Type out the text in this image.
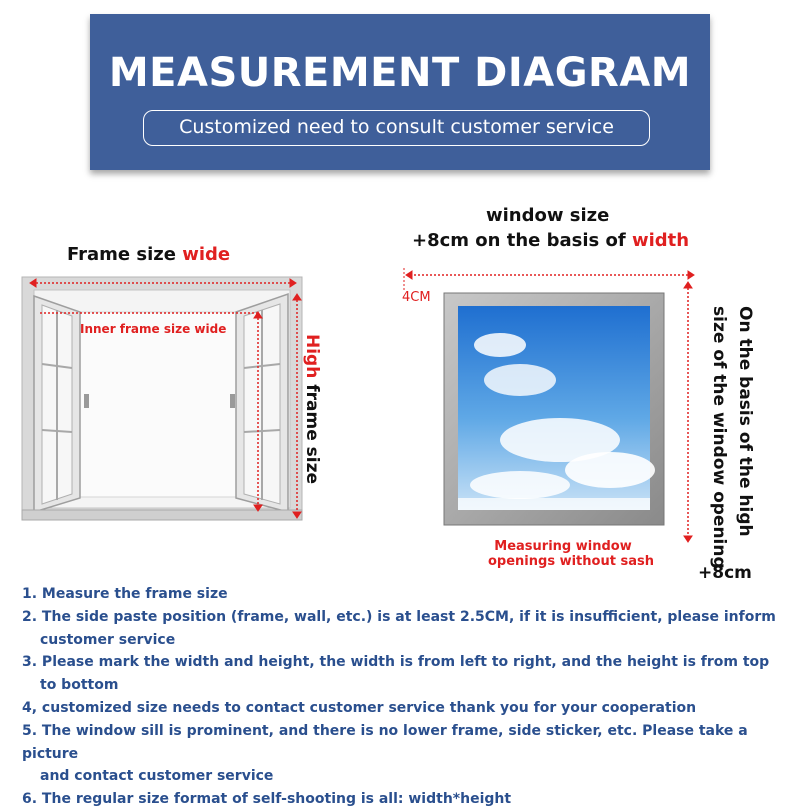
MEASUREMENT DIAGRAM
Customized need to consult customer service
Frame size wide
window size
+8cm on the basis of width
Inner frame size wide
High frame size
4CM
Measuring window
openings without sash
On the basis of the high
size of the window opening
+8cm
1. Measure the frame size
2. The side paste position (frame, wall, etc.) is at least 2.5CM, if it is insufficient, please inform
customer service
3. Please mark the width and height, the width is from left to right, and the height is from top
to bottom
4, customized size needs to contact customer service thank you for your cooperation
5. The window sill is prominent, and there is no lower frame, side sticker, etc. Please take a picture
and contact customer service
6. The regular size format of self-shooting is all: width*height
